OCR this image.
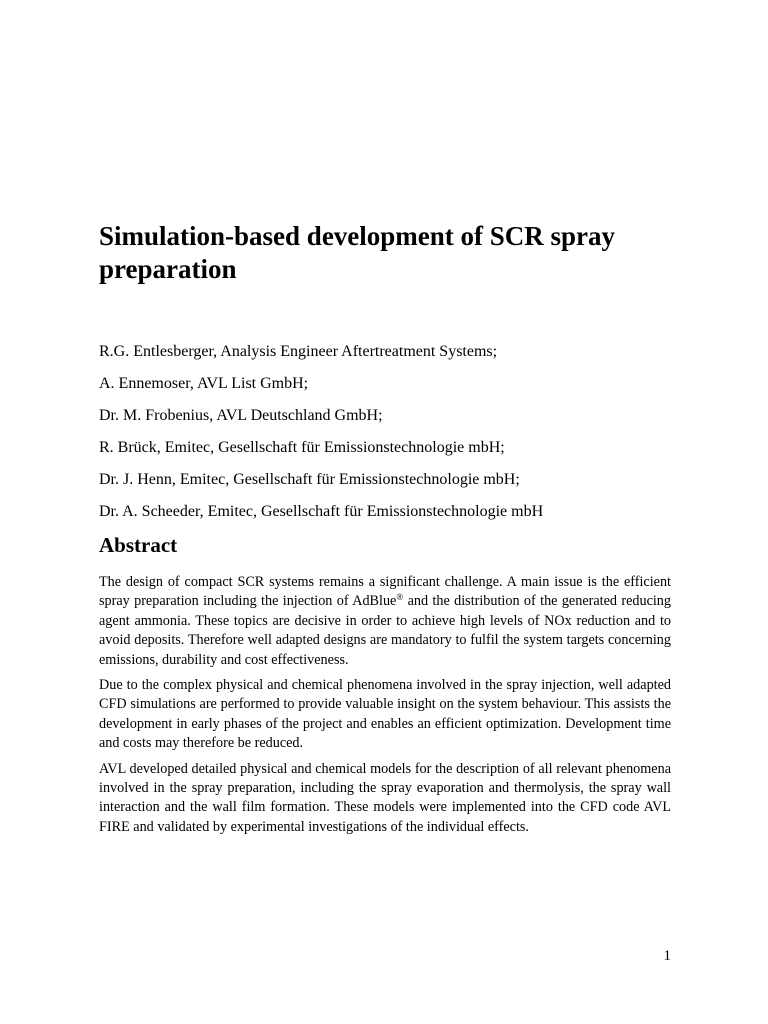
Simulation-based development of SCR spray preparation
R.G. Entlesberger, Analysis Engineer Aftertreatment Systems;
A. Ennemoser, AVL List GmbH;
Dr. M. Frobenius, AVL Deutschland GmbH;
R. Brück, Emitec, Gesellschaft für Emissionstechnologie mbH;
Dr. J. Henn, Emitec, Gesellschaft für Emissionstechnologie mbH;
Dr. A. Scheeder, Emitec, Gesellschaft für Emissionstechnologie mbH
Abstract

The design of compact SCR systems remains a significant challenge. A main issue is the efficient spray preparation including the injection of AdBlue® and the distribution of the generated reducing agent ammonia. These topics are decisive in order to achieve high levels of NOx reduction and to avoid deposits. Therefore well adapted designs are mandatory to fulfil the system targets concerning emissions, durability and cost effectiveness.

Due to the complex physical and chemical phenomena involved in the spray injection, well adapted CFD simulations are performed to provide valuable insight on the system behaviour. This assists the development in early phases of the project and enables an efficient optimization. Development time and costs may therefore be reduced.

AVL developed detailed physical and chemical models for the description of all relevant phenomena involved in the spray preparation, including the spray evaporation and thermolysis, the spray wall interaction and the wall film formation. These models were implemented into the CFD code AVL FIRE and validated by experimental investigations of the individual effects.

1
